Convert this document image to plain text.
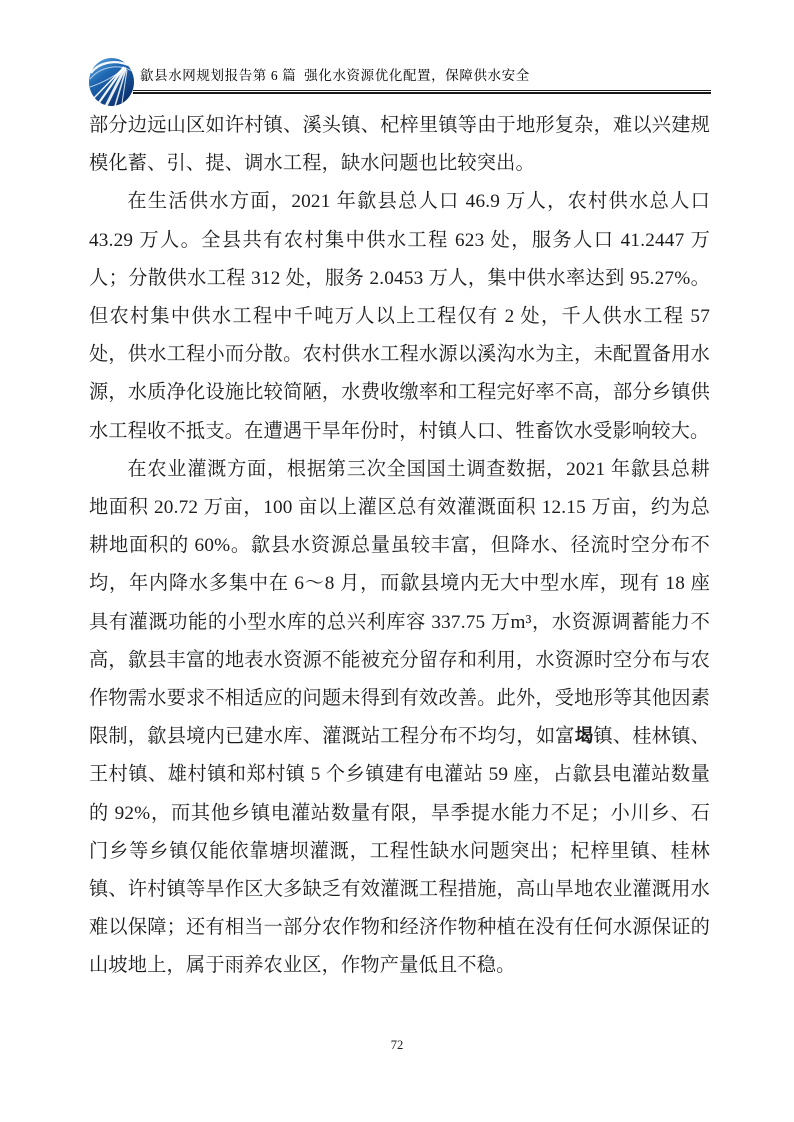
歙县水网规划报告第 6 篇  强化水资源优化配置，保障供水安全

部分边远山区如许村镇、溪头镇、杞梓里镇等由于地形复杂，难以兴建规模化蓄、引、提、调水工程，缺水问题也比较突出。

在生活供水方面，2021 年歙县总人口 46.9 万人，农村供水总人口 43.29 万人。全县共有农村集中供水工程 623 处，服务人口 41.2447 万人；分散供水工程 312 处，服务 2.0453 万人，集中供水率达到 95.27%。但农村集中供水工程中千吨万人以上工程仅有 2 处，千人供水工程 57 处，供水工程小而分散。农村供水工程水源以溪沟水为主，未配置备用水源，水质净化设施比较简陋，水费收缴率和工程完好率不高，部分乡镇供水工程收不抵支。在遭遇干旱年份时，村镇人口、牲畜饮水受影响较大。

在农业灌溉方面，根据第三次全国国土调查数据，2021 年歙县总耕地面积 20.72 万亩，100 亩以上灌区总有效灌溉面积 12.15 万亩，约为总耕地面积的 60%。歙县水资源总量虽较丰富，但降水、径流时空分布不均，年内降水多集中在 6～8 月，而歙县境内无大中型水库，现有 18 座具有灌溉功能的小型水库的总兴利库容 337.75 万m³，水资源调蓄能力不高，歙县丰富的地表水资源不能被充分留存和利用，水资源时空分布与农作物需水要求不相适应的问题未得到有效改善。此外，受地形等其他因素限制，歙县境内已建水库、灌溉站工程分布不均匀，如富堨镇、桂林镇、王村镇、雄村镇和郑村镇 5 个乡镇建有电灌站 59 座，占歙县电灌站数量的 92%，而其他乡镇电灌站数量有限，旱季提水能力不足；小川乡、石门乡等乡镇仅能依靠塘坝灌溉，工程性缺水问题突出；杞梓里镇、桂林镇、许村镇等旱作区大多缺乏有效灌溉工程措施，高山旱地农业灌溉用水难以保障；还有相当一部分农作物和经济作物种植在没有任何水源保证的山坡地上，属于雨养农业区，作物产量低且不稳。

72
